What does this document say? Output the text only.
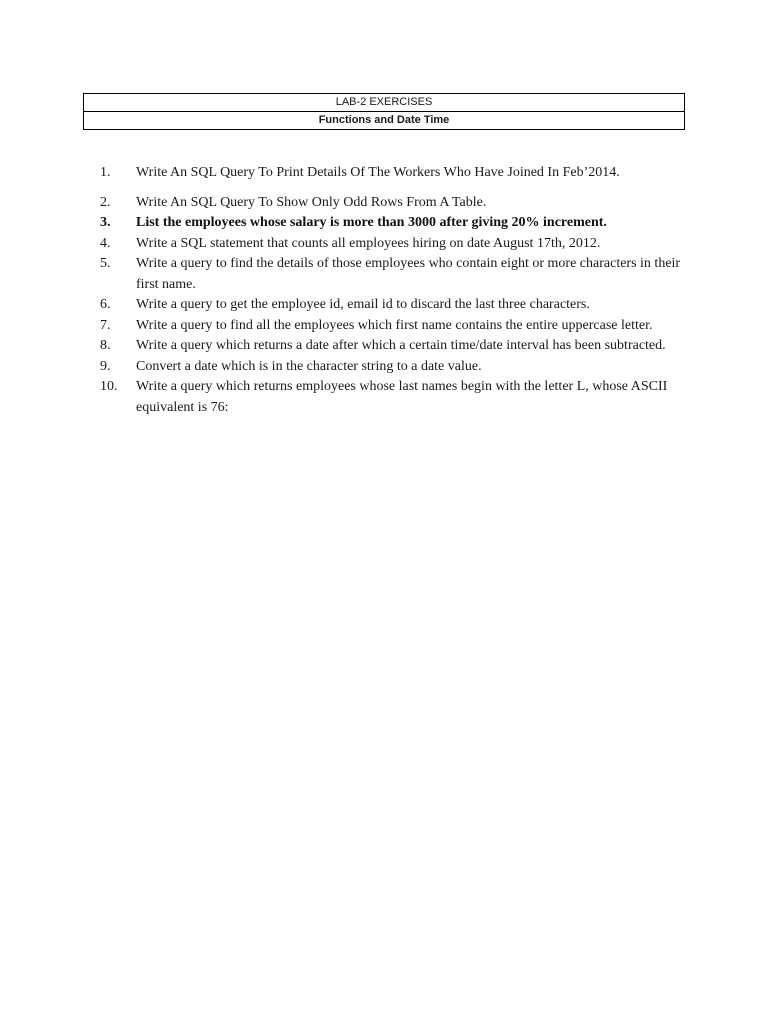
LAB-2 EXERCISES
Functions and Date Time
1.	Write An SQL Query To Print Details Of The Workers Who Have Joined In Feb’2014.
2.	Write An SQL Query To Show Only Odd Rows From A Table.
3.	List the employees whose salary is more than 3000 after giving 20% increment.
4.	Write a SQL statement that counts all employees hiring on date August 17th, 2012.
5.	Write a query to find the details of those employees who contain eight or more characters in their first name.
6.	Write a query to get the employee id, email id to discard the last three characters.
7.	Write a query to find all the employees which first name contains the entire uppercase letter.
8.	Write a query which returns a date after which a certain time/date interval has been subtracted.
9.	Convert a date which is in the character string to a date value.
10.	Write a query which returns employees whose last names begin with the letter L, whose ASCII equivalent is 76:
